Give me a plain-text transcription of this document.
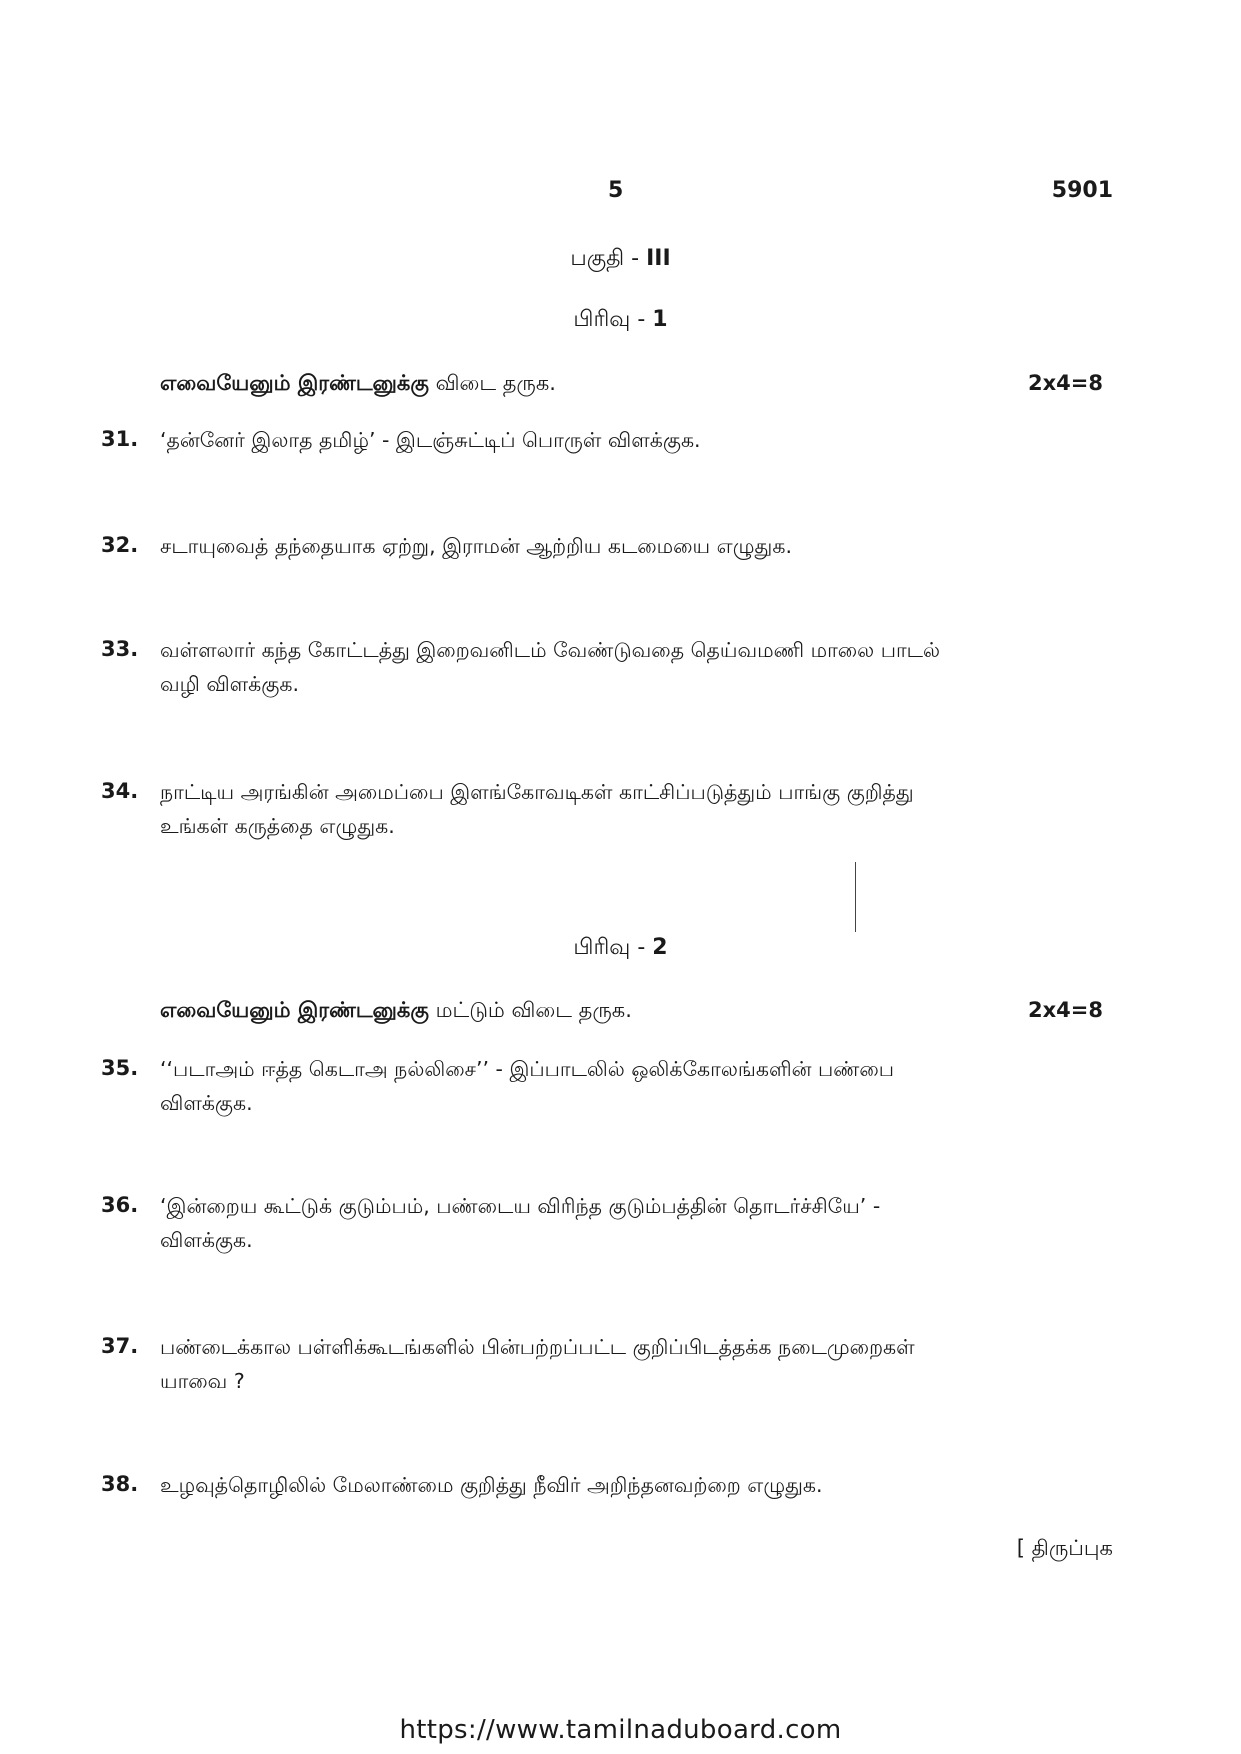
5	5901
பகுதி - III
பிரிவு - 1
எவையேனும் இரண்டனுக்கு விடை தருக.	2x4=8
31. ‘தன்னேர் இலாத தமிழ்’ - இடஞ்சுட்டிப் பொருள் விளக்குக.
32. சடாயுவைத் தந்தையாக ஏற்று, இராமன் ஆற்றிய கடமையை எழுதுக.
33. வள்ளலார் கந்த கோட்டத்து இறைவனிடம் வேண்டுவதை தெய்வமணி மாலை பாடல்
வழி விளக்குக.
34. நாட்டிய அரங்கின் அமைப்பை இளங்கோவடிகள் காட்சிப்படுத்தும் பாங்கு குறித்து
உங்கள் கருத்தை எழுதுக.
பிரிவு - 2
எவையேனும் இரண்டனுக்கு மட்டும் விடை தருக.	2x4=8
35. ‘‘படாஅம் ஈத்த கெடாஅ நல்லிசை’’ - இப்பாடலில் ஒலிக்கோலங்களின் பண்பை
விளக்குக.
36. ‘இன்றைய கூட்டுக் குடும்பம், பண்டைய விரிந்த குடும்பத்தின் தொடர்ச்சியே’ -
விளக்குக.
37. பண்டைக்கால பள்ளிக்கூடங்களில் பின்பற்றப்பட்ட குறிப்பிடத்தக்க நடைமுறைகள்
யாவை ?
38. உழவுத்தொழிலில் மேலாண்மை குறித்து நீவிர் அறிந்தனவற்றை எழுதுக.
[ திருப்புக
https://www.tamilnaduboard.com
